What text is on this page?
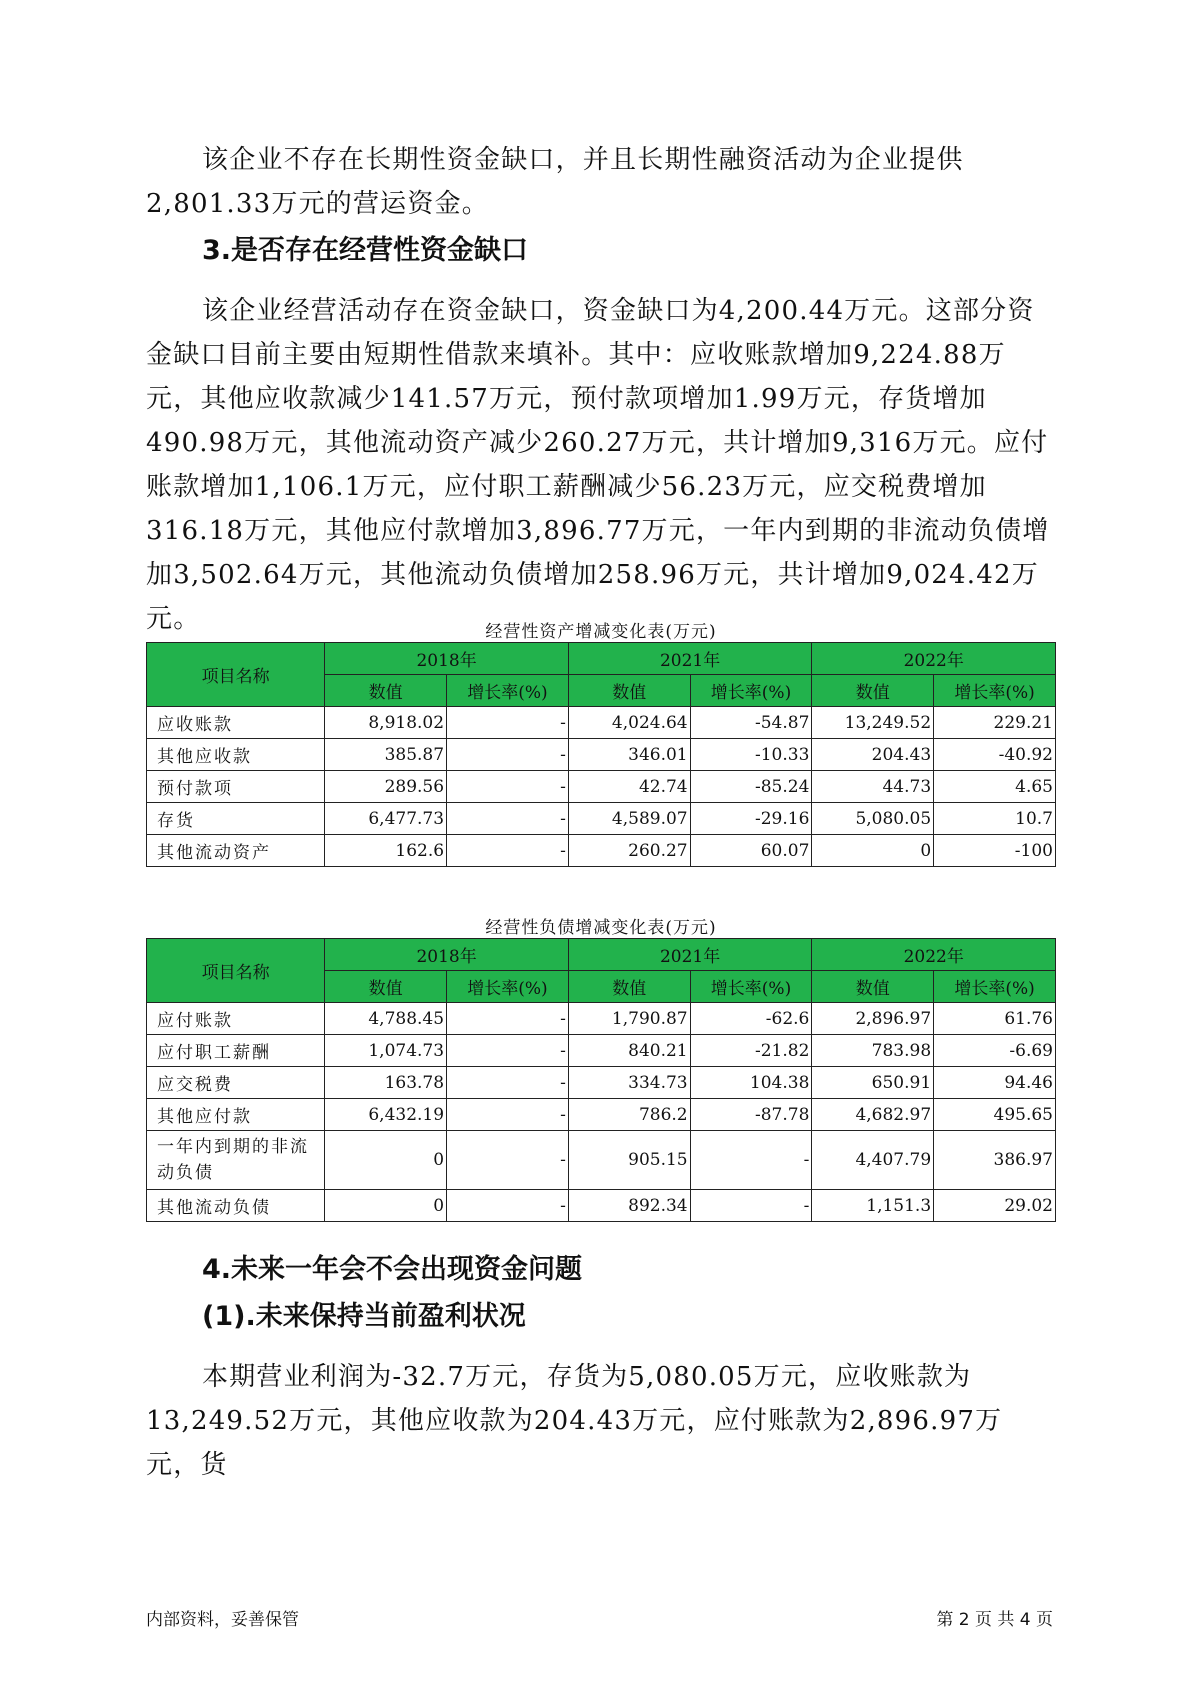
该企业不存在长期性资金缺口，并且长期性融资活动为企业提供2,801.33万元的营运资金。

3.是否存在经营性资金缺口

该企业经营活动存在资金缺口，资金缺口为4,200.44万元。这部分资金缺口目前主要由短期性借款来填补。其中：应收账款增加9,224.88万元，其他应收款减少141.57万元，预付款项增加1.99万元，存货增加490.98万元，其他流动资产减少260.27万元，共计增加9,316万元。应付账款增加1,106.1万元，应付职工薪酬减少56.23万元，应交税费增加316.18万元，其他应付款增加3,896.77万元，一年内到期的非流动负债增加3,502.64万元，其他流动负债增加258.96万元，共计增加9,024.42万元。	经营性资产增减变化表(万元)
项目名称	2018年		2021年		2022年	
	数值	增长率(%)	数值	增长率(%)	数值	增长率(%)
应收账款	8,918.02	-	4,024.64	-54.87	13,249.52	229.21
其他应收款	385.87	-	346.01	-10.33	204.43	-40.92
预付款项	289.56	-	42.74	-85.24	44.73	4.65
存货	6,477.73	-	4,589.07	-29.16	5,080.05	10.7
其他流动资产	162.6	-	260.27	60.07	0	-100
经营性负债增减变化表(万元)
项目名称	2018年		2021年		2022年	
	数值	增长率(%)	数值	增长率(%)	数值	增长率(%)
应付账款	4,788.45	-	1,790.87	-62.6	2,896.97	61.76
应付职工薪酬	1,074.73	-	840.21	-21.82	783.98	-6.69
应交税费	163.78	-	334.73	104.38	650.91	94.46
其他应付款	6,432.19	-	786.2	-87.78	4,682.97	495.65
一年内到期的非流动负债	0	-	905.15	-	4,407.79	386.97
其他流动负债	0	-	892.34	-	1,151.3	29.02
4.未来一年会不会出现资金问题
(1).未来保持当前盈利状况

本期营业利润为-32.7万元，存货为5,080.05万元，应收账款为13,249.52万元，其他应收款为204.43万元，应付账款为2,896.97万元，货

内部资料，妥善保管	第 2 页 共 4 页
